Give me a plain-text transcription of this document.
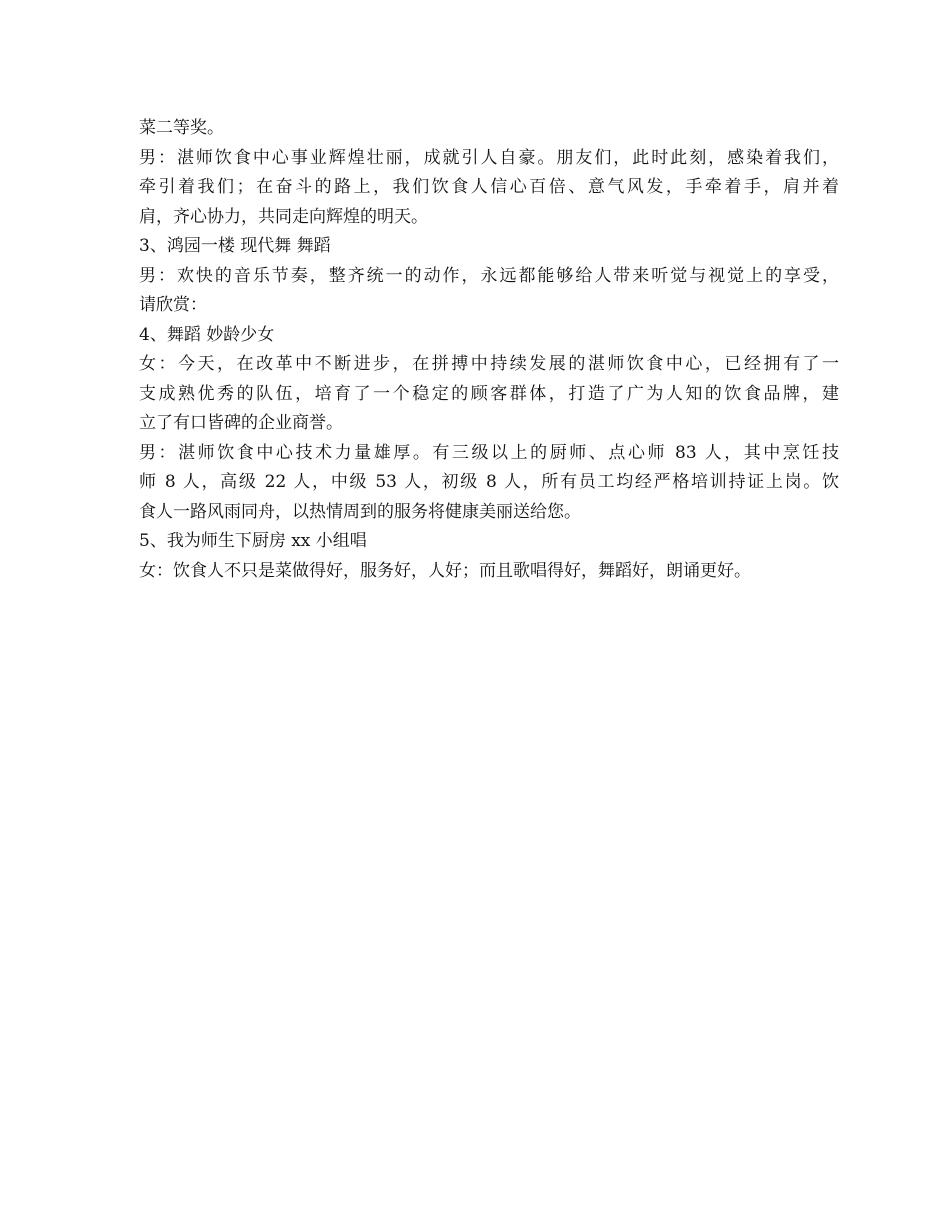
菜二等奖。
男：湛师饮食中心事业辉煌壮丽，成就引人自豪。朋友们，此时此刻，感染着我们，
牵引着我们；在奋斗的路上，我们饮食人信心百倍、意气风发，手牵着手，肩并着
肩，齐心协力，共同走向辉煌的明天。
3、鸿园一楼 现代舞 舞蹈
男：欢快的音乐节奏，整齐统一的动作，永远都能够给人带来听觉与视觉上的享受，
请欣赏：
4、舞蹈 妙龄少女
女：今天，在改革中不断进步，在拼搏中持续发展的湛师饮食中心，已经拥有了一
支成熟优秀的队伍，培育了一个稳定的顾客群体，打造了广为人知的饮食品牌，建
立了有口皆碑的企业商誉。
男：湛师饮食中心技术力量雄厚。有三级以上的厨师、点心师 83 人，其中烹饪技
师 8 人，高级 22 人，中级 53 人，初级 8 人，所有员工均经严格培训持证上岗。饮
食人一路风雨同舟，以热情周到的服务将健康美丽送给您。
5、我为师生下厨房 xx 小组唱
女：饮食人不只是菜做得好，服务好，人好；而且歌唱得好，舞蹈好，朗诵更好。
